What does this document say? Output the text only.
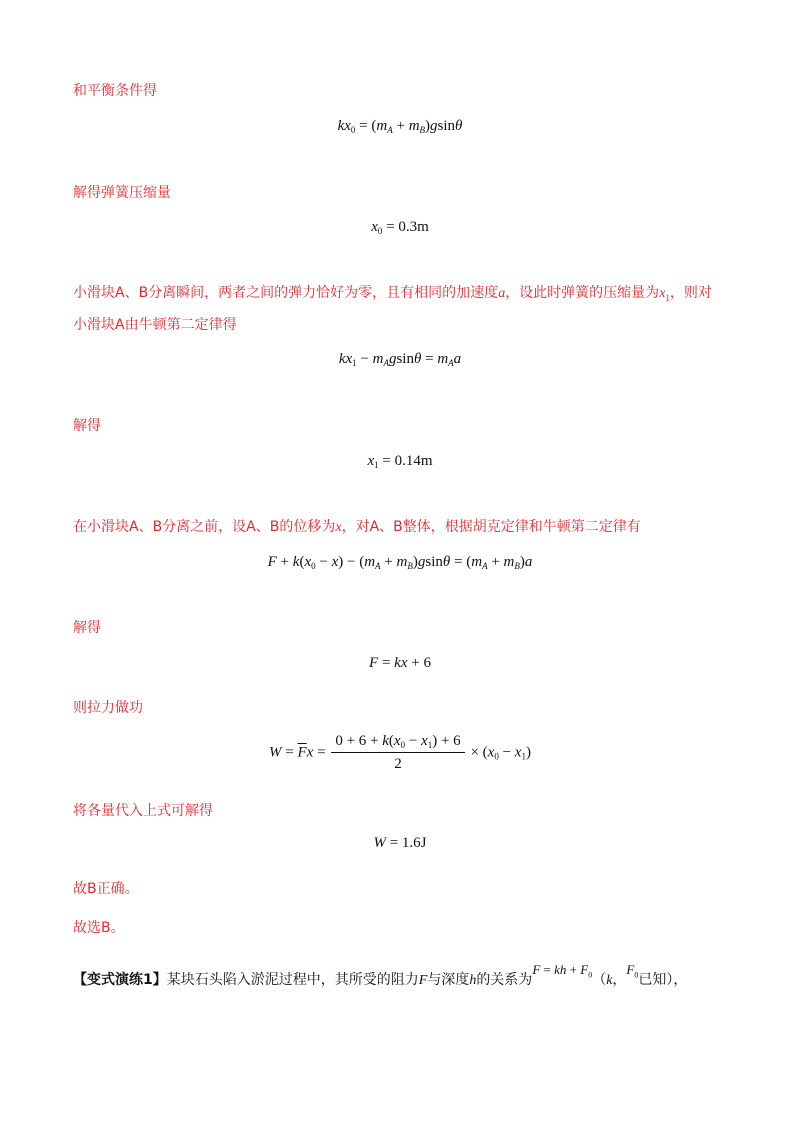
和平衡条件得
$kx_0 = (m_A + m_B)gsin\theta$
解得弹簧压缩量
$x_0 = 0.3m$
小滑块A、B分离瞬间，两者之间的弹力恰好为零，且有相同的加速度a，设此时弹簧的压缩量为$x_1$，则对
小滑块A由牛顿第二定律得
$kx_1 - m_Agsin\theta = m_Aa$
解得
$x_1 = 0.14m$
在小滑块A、B分离之前，设A、B的位移为x，对A、B整体，根据胡克定律和牛顿第二定律有
$F + k(x_0 - x) - (m_A + m_B)gsin\theta = (m_A + m_B)a$
解得
F = kx + 6
则拉力做功
$W = \overline{F}x = \frac{0 + 6 + k(x_0 - x_1) + 6}{2} \times (x_0 - x_1)$
将各量代入上式可解得
W = 1.6J
故B正确。
故选B。
【变式演练1】某块石头陷入淤泥过程中，其所受的阻力F与深度h的关系为F = kh + $F_0(k$，$F_0$已知），
